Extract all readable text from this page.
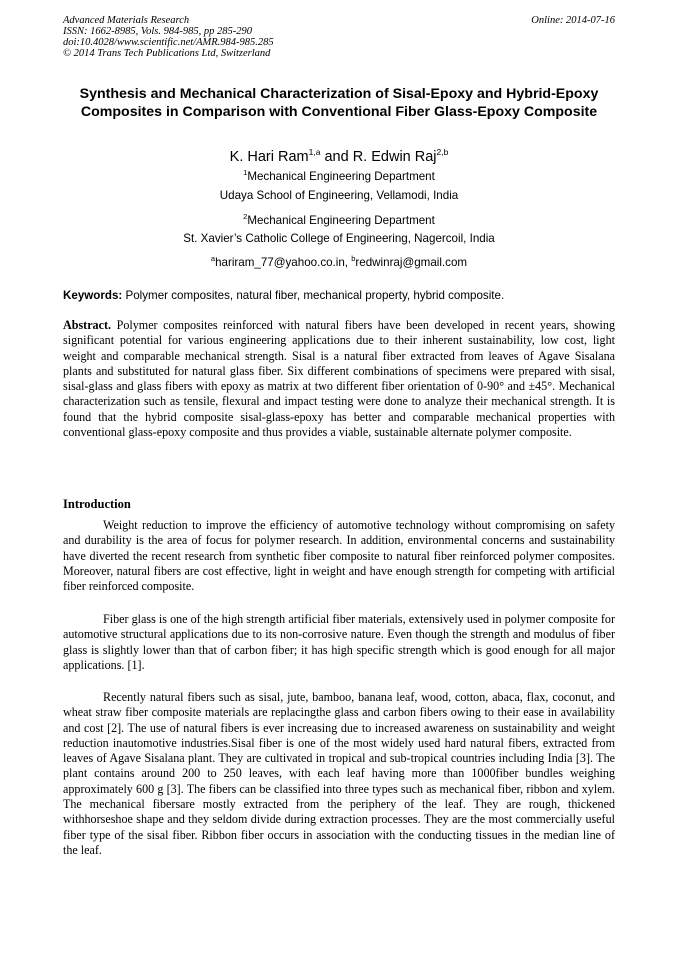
Advanced Materials Research	Online: 2014-07-16
ISSN: 1662-8985, Vols. 984-985, pp 285-290
doi:10.4028/www.scientific.net/AMR.984-985.285
© 2014 Trans Tech Publications Ltd, Switzerland
Synthesis and Mechanical Characterization of Sisal-Epoxy and Hybrid-Epoxy Composites in Comparison with Conventional Fiber Glass-Epoxy Composite
K. Hari Ram$^{1,a}$ and R. Edwin Raj$^{2,b}$
$^1$Mechanical Engineering Department
Udaya School of Engineering, Vellamodi, India
$^2$Mechanical Engineering Department
St. Xavier’s Catholic College of Engineering, Nagercoil, India
$^a$hariram_77@yahoo.co.in, $^b$redwinraj@gmail.com
Keywords: Polymer composites, natural fiber, mechanical property, hybrid composite.
Abstract. Polymer composites reinforced with natural fibers have been developed in recent years, showing significant potential for various engineering applications due to their inherent sustainability, low cost, light weight and comparable mechanical strength. Sisal is a natural fiber extracted from leaves of Agave Sisalana plants and substituted for natural glass fiber. Six different combinations of specimens were prepared with sisal, sisal-glass and glass fibers with epoxy as matrix at two different fiber orientation of 0-90° and ±45°. Mechanical characterization such as tensile, flexural and impact testing were done to analyze their mechanical strength. It is found that the hybrid composite sisal-glass-epoxy has better and comparable mechanical properties with conventional glass-epoxy composite and thus provides a viable, sustainable alternate polymer composite.
Introduction
Weight reduction to improve the efficiency of automotive technology without compromising on safety and durability is the area of focus for polymer research. In addition, environmental concerns and sustainability have diverted the recent research from synthetic fiber composite to natural fiber reinforced polymer composites. Moreover, natural fibers are cost effective, light in weight and have enough strength for competing with artificial fiber reinforced composite.
Fiber glass is one of the high strength artificial fiber materials, extensively used in polymer composite for automotive structural applications due to its non-corrosive nature. Even though the strength and modulus of fiber glass is slightly lower than that of carbon fiber; it has high specific strength which is good enough for all major applications. [1].
Recently natural fibers such as sisal, jute, bamboo, banana leaf, wood, cotton, abaca, flax, coconut, and wheat straw fiber composite materials are replacingthe glass and carbon fibers owing to their ease in availability and cost [2]. The use of natural fibers is ever increasing due to increased awareness on sustainability and weight reduction inautomotive industries.Sisal fiber is one of the most widely used hard natural fibers, extracted from leaves of Agave Sisalana plant. They are cultivated in tropical and sub-tropical countries including India [3]. The plant contains around 200 to 250 leaves, with each leaf having more than 1000fiber bundles weighing approximately 600 g [3]. The fibers can be classified into three types such as mechanical fiber, ribbon and xylem. The mechanical fibersare mostly extracted from the periphery of the leaf. They are rough, thickened withhorseshoe shape and they seldom divide during extraction processes. They are the most commercially useful fiber type of the sisal fiber. Ribbon fiber occurs in association with the conducting tissues in the median line of the leaf.
